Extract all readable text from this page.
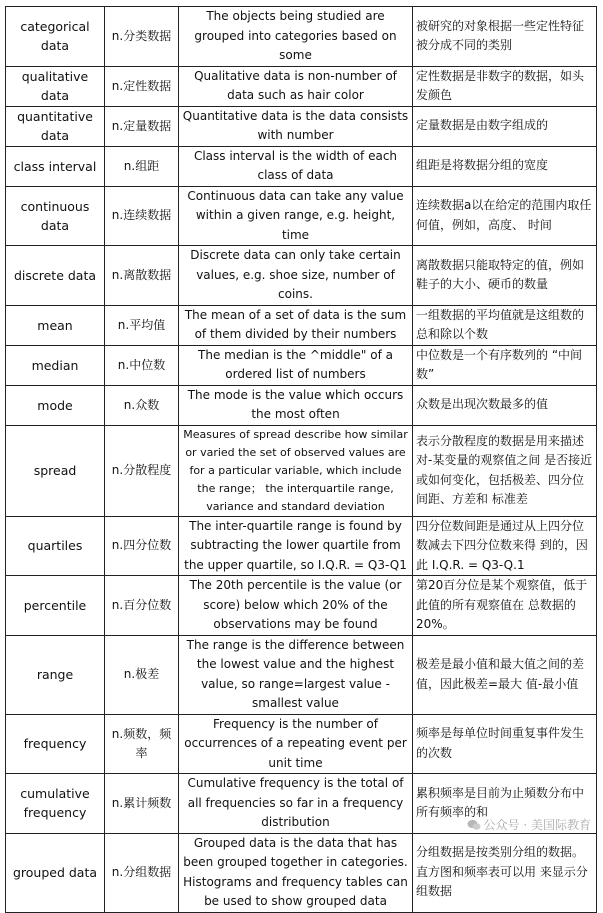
categorical data	n.分类数据	The objects being studied are grouped into categories based on some	被研究的对象根据一些定性特征被分成不同的类别
qualitative data	n.定性数据	Qualitative data is non-number of data such as hair color	定性数据是非数字的数据，如头发颜色
quantitative data	n.定量数据	Quantitative data is the data consists with number	定量数据是由数字组成的
class interval	n.组距	Class interval is the width of each class of data	组距是将数据分组的宽度
continuous data	n.连续数据	Continuous data can take any value within a given range, e.g. height, time	连续数据a以在给定的范围内取任何值，例如，高度、 时间
discrete data	n.离散数据	Discrete data can only take certain values, e.g. shoe size, number of coins.	离散数据只能取特定的值，例如鞋子的大小、硬币的数量
mean	n.平均值	The mean of a set of data is the sum of them divided by their numbers	一组数据的平均值就是这组数的总和除以个数
median	n.中位数	The median is the ^middle" of a ordered list of numbers	中位数是一个有序数列的 “中间数”
mode	n.众数	The mode is the value which occurs the most often	众数是出现次数最多的值
spread	n.分散程度	Measures of spread describe how similar or varied the set of observed values are for a particular variable, which include the range； the interquartile range, variance and standard deviation	表示分散程度的数据是用来描述对-某变量的观察值之间 是否接近或如何变化，包括极差、四分位间距、方差和 标准差
quartiles	n.四分位数	The inter-quartile range is found by subtracting the lower quartile from the upper quartile, so I.Q.R. = Q3-Q1	四分位数间距是通过从上四分位数减去下四分位数来得 到的，因此 I.Q.R. = Q3-Q.1
percentile	n.百分位数	The 20th percentile is the value (or score) below which 20% of the observations may be found	第20百分位是某个观察值，低于此值的所有观察值在 总数据的20%。
range	n.极差	The range is the difference between the lowest value and the highest value, so range=largest value -smallest value	极差是最小值和最大值之间的差值，因此极差=最大 值-最小值
frequency	n.频数，频率	Frequency is the number of occurrences of a repeating event per unit time	频率是每单位时间重复事件发生的次数
cumulative frequency	n.累计频数	Cumulative frequency is the total of all frequencies so far in a frequency distribution	累积频率是目前为止頻数分布中所有频率的和
grouped data	n.分组数据	Grouped data is the data that has been grouped together in categories. Histograms and frequency tables can be used to show grouped data	分组数据是按类别分组的数据。直方图和频率表可以用 来显示分组数据
公众号 · 美国际教育
